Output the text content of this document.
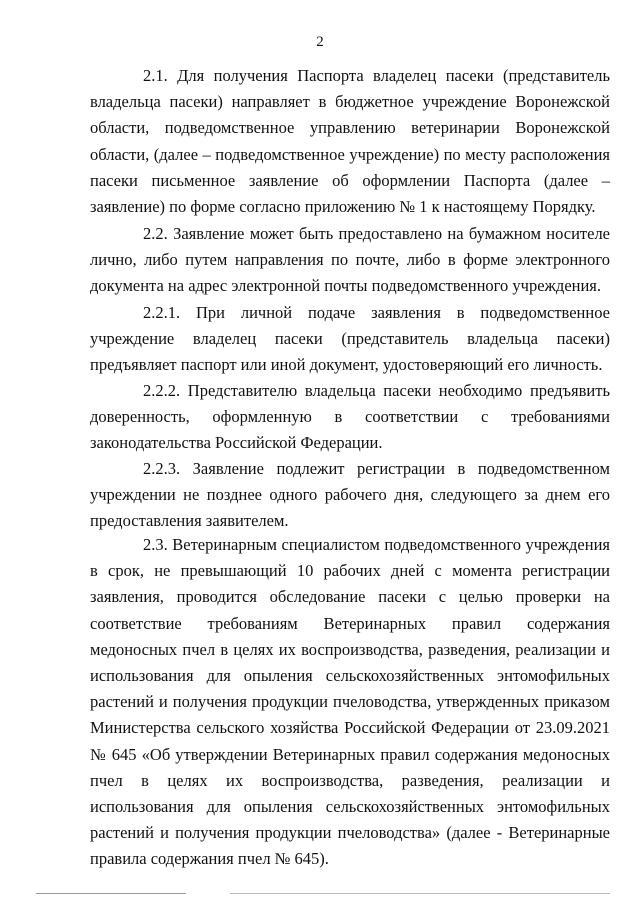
2

2.1. Для получения Паспорта владелец пасеки (представитель владельца пасеки) направляет в бюджетное учреждение Воронежской области, подведомственное управлению ветеринарии Воронежской области, (далее – подведомственное учреждение) по месту расположения пасеки письменное заявление об оформлении Паспорта (далее – заявление) по форме согласно приложению № 1 к настоящему Порядку.

2.2. Заявление может быть предоставлено на бумажном носителе лично, либо путем направления по почте, либо в форме электронного документа на адрес электронной почты подведомственного учреждения.

2.2.1. При личной подаче заявления в подведомственное учреждение владелец пасеки (представитель владельца пасеки) предъявляет паспорт или иной документ, удостоверяющий его личность.

2.2.2. Представителю владельца пасеки необходимо предъявить доверенность, оформленную в соответствии с требованиями законодательства Российской Федерации.

2.2.3. Заявление подлежит регистрации в подведомственном учреждении не позднее одного рабочего дня, следующего за днем его предоставления заявителем.

2.3. Ветеринарным специалистом подведомственного учреждения в срок, не превышающий 10 рабочих дней с момента регистрации заявления, проводится обследование пасеки с целью проверки на соответствие требованиям Ветеринарных правил содержания медоносных пчел в целях их воспроизводства, разведения, реализации и использования для опыления сельскохозяйственных энтомофильных растений и получения продукции пчеловодства, утвержденных приказом Министерства сельского хозяйства Российской Федерации от 23.09.2021 № 645 «Об утверждении Ветеринарных правил содержания медоносных пчел в целях их воспроизводства, разведения, реализации и использования для опыления сельскохозяйственных энтомофильных растений и получения продукции пчеловодства» (далее - Ветеринарные правила содержания пчел № 645).
